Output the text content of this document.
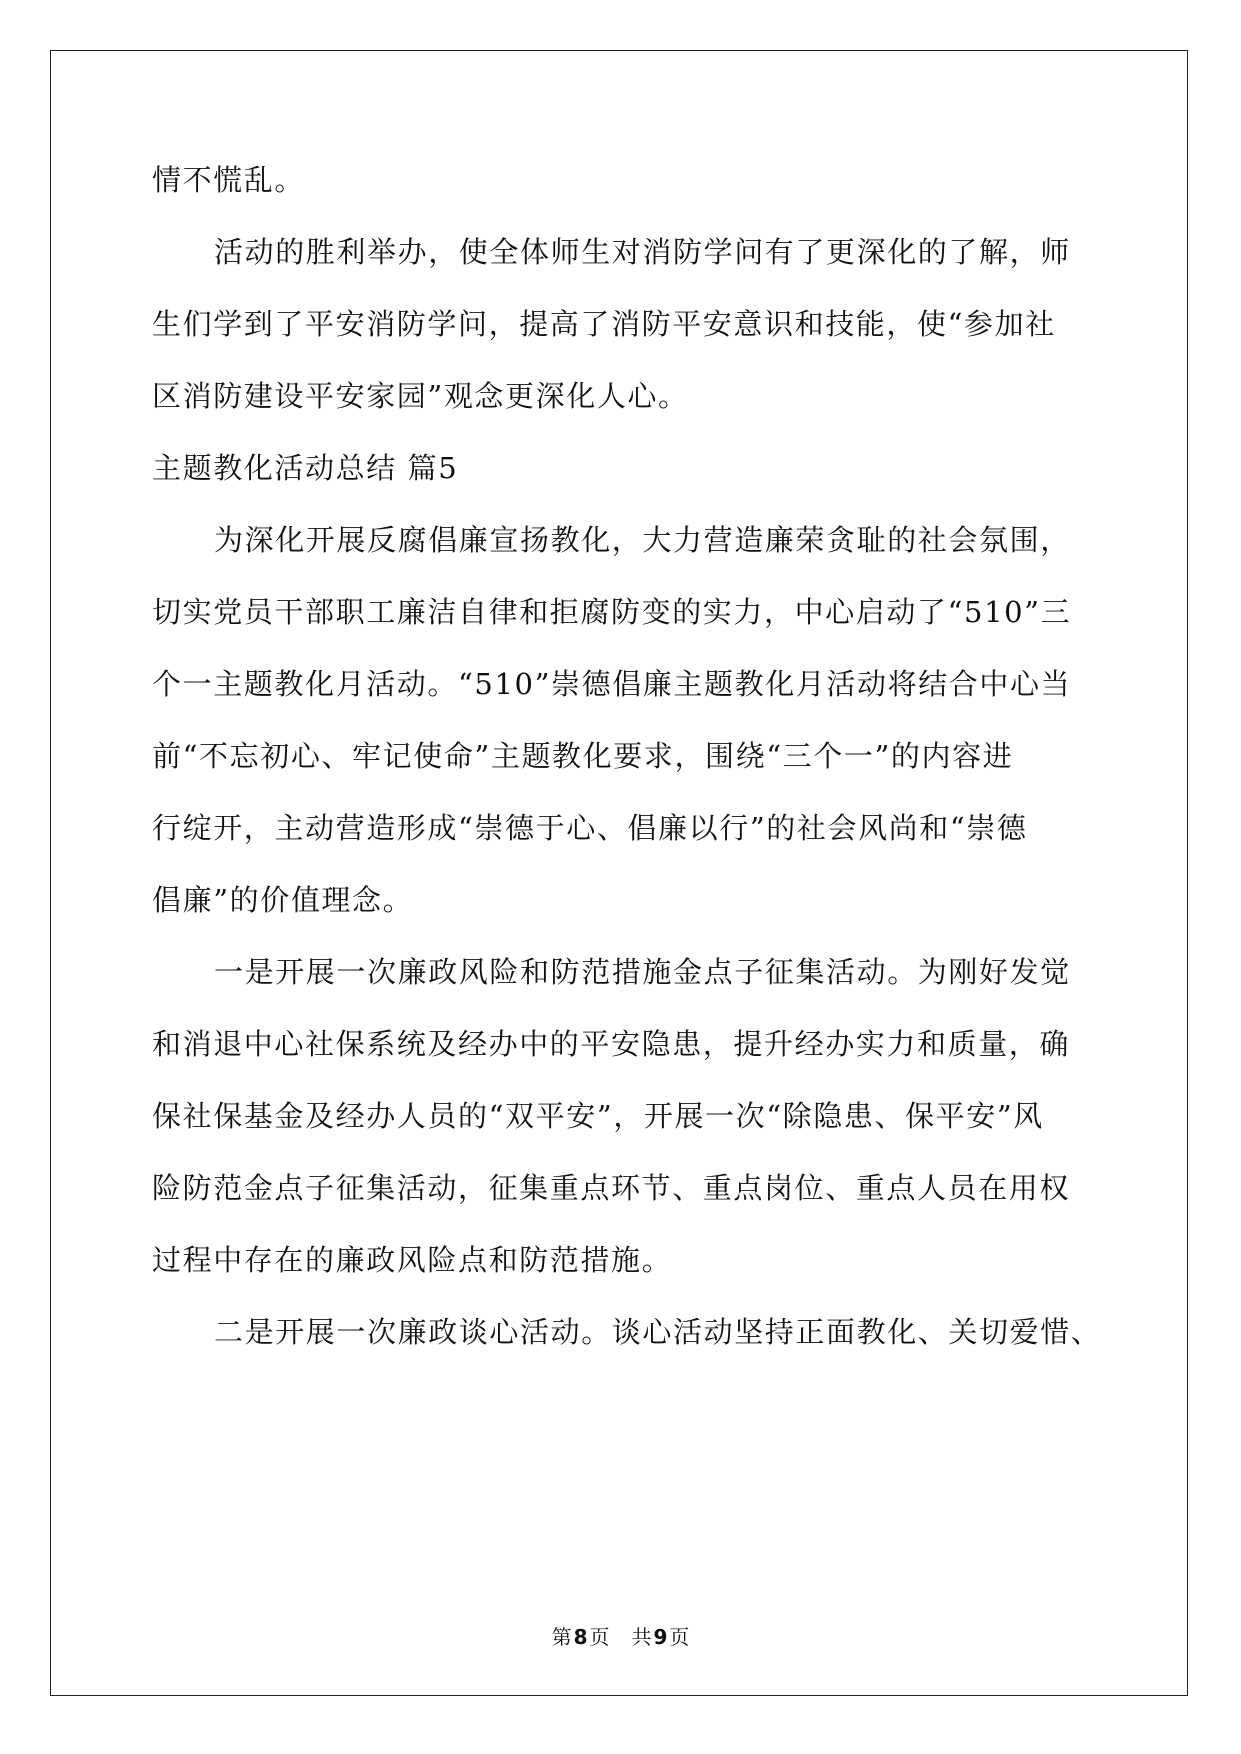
情不慌乱。
活动的胜利举办，使全体师生对消防学问有了更深化的了解，师
生们学到了平安消防学问，提高了消防平安意识和技能，使“参加社
区消防建设平安家园”观念更深化人心。
主题教化活动总结 篇5
为深化开展反腐倡廉宣扬教化，大力营造廉荣贪耻的社会氛围，
切实党员干部职工廉洁自律和拒腐防变的实力，中心启动了“510”三
个一主题教化月活动。“510”崇德倡廉主题教化月活动将结合中心当
前“不忘初心、牢记使命”主题教化要求，围绕“三个一”的内容进
行绽开，主动营造形成“崇德于心、倡廉以行”的社会风尚和“崇德
倡廉”的价值理念。
一是开展一次廉政风险和防范措施金点子征集活动。为刚好发觉
和消退中心社保系统及经办中的平安隐患，提升经办实力和质量，确
保社保基金及经办人员的“双平安”，开展一次“除隐患、保平安”风
险防范金点子征集活动，征集重点环节、重点岗位、重点人员在用权
过程中存在的廉政风险点和防范措施。
二是开展一次廉政谈心活动。谈心活动坚持正面教化、关切爱惜、
第 8 页 共 9 页
